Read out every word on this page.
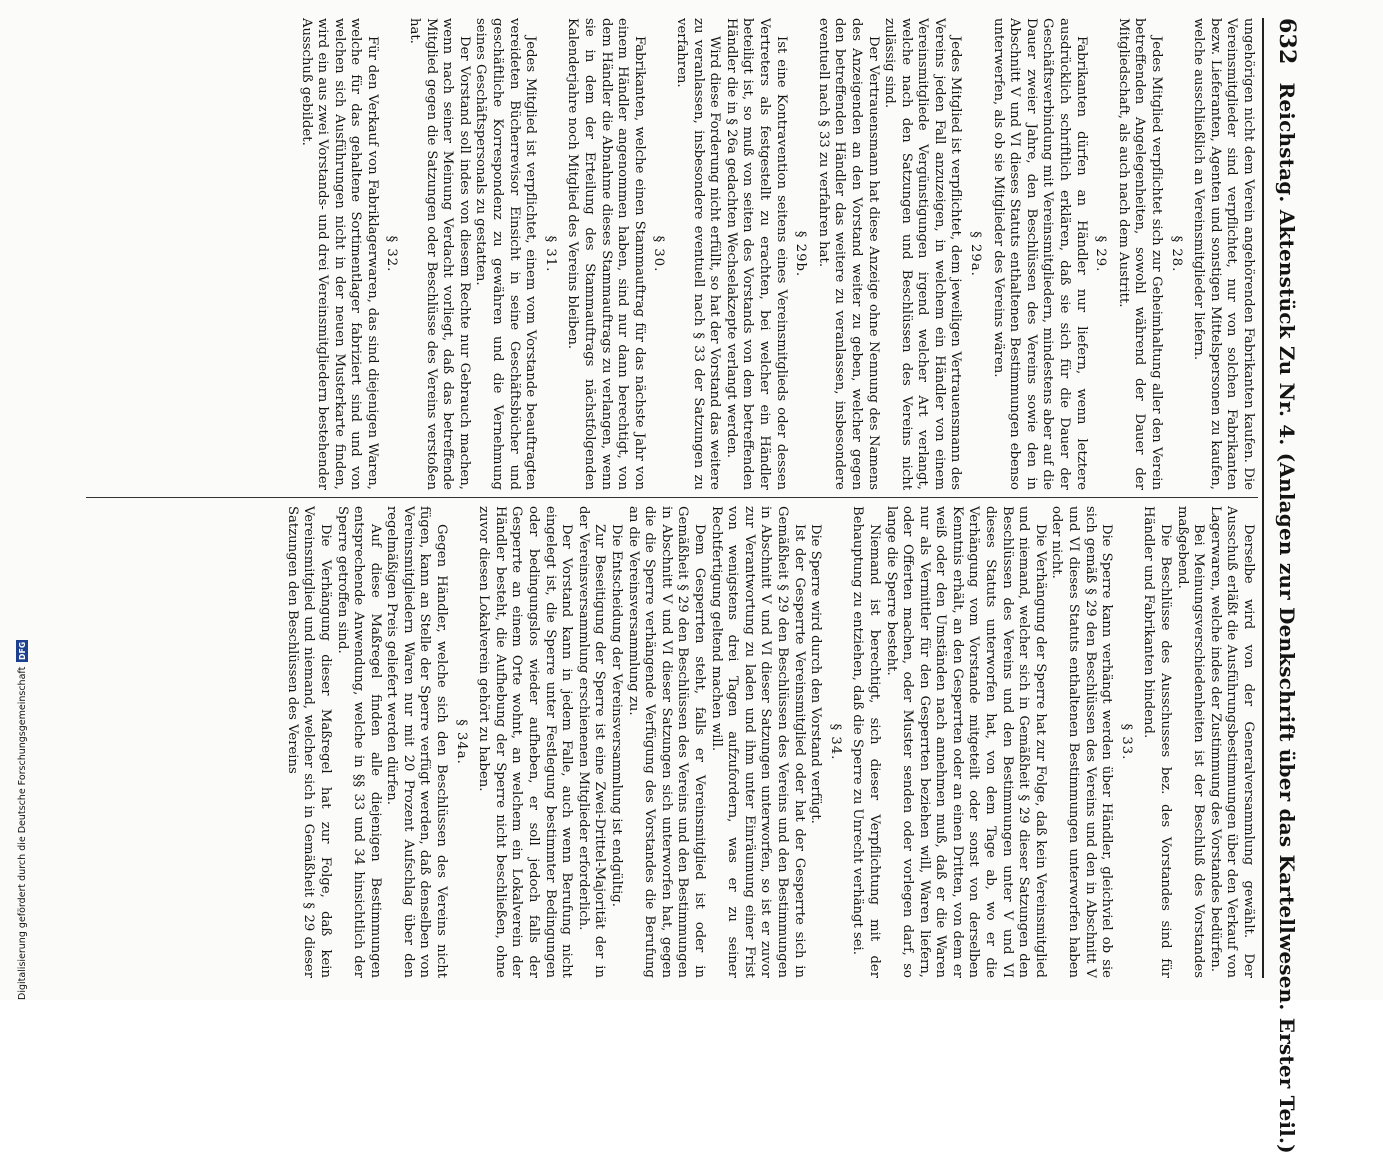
632
Reichstag. Aktenstück Zu Nr. 4. (Anlagen zur Denkschrift über das Kartellwesen. Erster Teil.)

ungehörigen nicht dem Verein angehörenden Fabrikanten kaufen. Die Vereinsmitglieder sind verpflichtet, nur von solchen Fabrikanten bezw. Lieferanten, Agenten und sonstigen Mittelspersonen zu kaufen, welche ausschließlich an Vereinsmitglieder liefern.

§ 28.

Jedes Mitglied verpflichtet sich zur Geheimhaltung aller den Verein betreffenden Angelegenheiten, sowohl während der Dauer der Mitgliedschaft, als auch nach dem Austritt.

§ 29.

Fabrikanten dürfen an Händler nur liefern, wenn letztere ausdrücklich schriftlich erklären, daß sie sich für die Dauer der Geschäftsverbindung mit Vereinsmitgliedern, mindestens aber auf die Dauer zweier Jahre, den Beschlüssen des Vereins sowie den in Abschnitt V und VI dieses Statuts enthaltenen Bestimmungen ebenso unterwerfen, als ob sie Mitglieder des Vereins wären.

§ 29a.

Jedes Mitglied ist verpflichtet, dem jeweiligen Vertrauensmann des Vereins jeden Fall anzuzeigen, in welchem ein Händler von einem Vereinsmitgliede Vergünstigungen irgend welcher Art verlangt, welche nach den Satzungen und Beschlüssen des Vereins nicht zulässig sind.

Der Vertrauensmann hat diese Anzeige ohne Nennung des Namens des Anzeigenden an den Vorstand weiter zu geben, welcher gegen den betreffenden Händler das weitere zu veranlassen, insbesondere eventuell nach § 33 zu verfahren hat.

§ 29b.

Ist eine Kontravention seitens eines Vereinsmitglieds oder dessen Vertreters als festgestellt zu erachten, bei welcher ein Händler beteiligt ist, so muß von seiten des Vorstands von dem betreffenden Händler die in § 26a gedachten Wechselakzepte verlangt werden.

Wird diese Forderung nicht erfüllt, so hat der Vorstand das weitere zu veranlassen, insbesondere eventuell nach § 33 der Satzungen zu verfahren.

§ 30.

Fabrikanten, welche einen Stammauftrag für das nächste Jahr von einem Händler angenommen haben, sind nur dann berechtigt, von dem Händler die Abnahme dieses Stammauftrags zu verlangen, wenn sie in dem der Erteilung des Stammauftrags nächstfolgenden Kalenderjahre noch Mitglied des Vereins bleiben.

§ 31.

Jedes Mitglied ist verpflichtet, einem vom Vorstande beauftragten vereideten Bücherrevisor Einsicht in seine Geschäftsbücher und geschäftliche Korrespondenz zu gewähren und die Vernehmung seines Geschäftspersonals zu gestatten.

Der Vorstand soll indes von diesem Rechte nur Gebrauch machen, wenn nach seiner Meinung Verdacht vorliegt, daß das betreffende Mitglied gegen die Satzungen oder Beschlüsse des Vereins verstoßen hat.

§ 32.

Für den Verkauf von Fabriklagerwaren, das sind diejenigen Waren, welche für das gehaltene Sortimentlager fabriziert sind und von welchen sich Ausführungen nicht in der neuen Musterkarte finden, wird ein aus zwei Vorstands- und drei Vereinsmitgliedern bestehender Ausschuß gebildet.

Derselbe wird von der Generalversammlung gewählt. Der Ausschuß erläßt die Ausführungsbestimmungen über den Verkauf von Lagerwaren, welche indes der Zustimmung des Vorstandes bedürfen.

Bei Meinungsverschiedenheiten ist der Beschluß des Vorstandes maßgebend.

Die Beschlüsse des Ausschusses bez. des Vorstandes sind für Händler und Fabrikanten bindend.

§ 33.

Die Sperre kann verhängt werden über Händler, gleichviel ob sie sich gemäß § 29 den Beschlüssen des Vereins und den in Abschnitt V und VI dieses Statuts enthaltenen Bestimmungen unterworfen haben oder nicht.

Die Verhängung der Sperre hat zur Folge, daß kein Vereinsmitglied und niemand, welcher sich in Gemäßheit § 29 dieser Satzungen den Beschlüssen des Vereins und den Bestimmungen unter V und VI dieses Statuts unterworfen hat, von dem Tage ab, wo er die Verhängung vom Vorstande mitgeteilt oder sonst von derselben Kenntnis erhält, an den Gesperrten oder an einen Dritten, von dem er weiß oder den Umständen nach annehmen muß, daß er die Waren nur als Vermittler für den Gesperrten beziehen will, Waren liefern, oder Offerten machen, oder Muster senden oder vorlegen darf, so lange die Sperre besteht.

Niemand ist berechtigt, sich dieser Verpflichtung mit der Behauptung zu entziehen, daß die Sperre zu Unrecht verhängt sei.

§ 34.

Die Sperre wird durch den Vorstand verfügt.

Ist der Gesperrte Vereinsmitglied oder hat der Gesperrte sich in Gemäßheit § 29 den Beschlüssen des Vereins und den Bestimmungen in Abschnitt V und VI dieser Satzungen unterworfen, so ist er zuvor zur Verantwortung zu laden und ihm unter Einräumung einer Frist von wenigstens drei Tagen aufzufordern, was er zu seiner Rechtfertigung geltend machen will.

Dem Gesperrten steht, falls er Vereinsmitglied ist oder in Gemäßheit § 29 den Beschlüssen des Vereins und den Bestimmungen in Abschnitt V und VI dieser Satzungen sich unterworfen hat, gegen die die Sperre verhängende Verfügung des Vorstandes die Berufung an die Vereinsversammlung zu.

Die Entscheidung der Vereinsversammlung ist endgültig.

Zur Beseitigung der Sperre ist eine Zwei-Drittel-Majorität der in der Vereinsversammlung erschienenen Mitglieder erforderlich.

Der Vorstand kann in jedem Falle, auch wenn Berufung nicht eingelegt ist, die Sperre unter Festlegung bestimmter Bedingungen oder bedingungslos wieder aufheben, er soll jedoch falls der Gesperrte an einem Orte wohnt, an welchem ein Lokalverein der Händler besteht, die Aufhebung der Sperre nicht beschließen, ohne zuvor diesen Lokalverein gehört zu haben.

§ 34a.

Gegen Händler, welche sich den Beschlüssen des Vereins nicht fügen, kann an Stelle der Sperre verfügt werden, daß denselben von Vereinsmitgliedern Waren nur mit 20 Prozent Aufschlag über den regelmäßigen Preis geliefert werden dürfen.

Auf diese Maßregel finden alle diejenigen Bestimmungen entsprechende Anwendung, welche in §§ 33 und 34 hinsichtlich der Sperre getroffen sind.

Die Verhängung dieser Maßregel hat zur Folge, daß kein Vereinsmitglied und niemand, welcher sich in Gemäßheit § 29 dieser Satzungen den Beschlüssen des Vereins

Digitalisierung gefördert durch die Deutsche Forschungsgemeinschaft
DFG
